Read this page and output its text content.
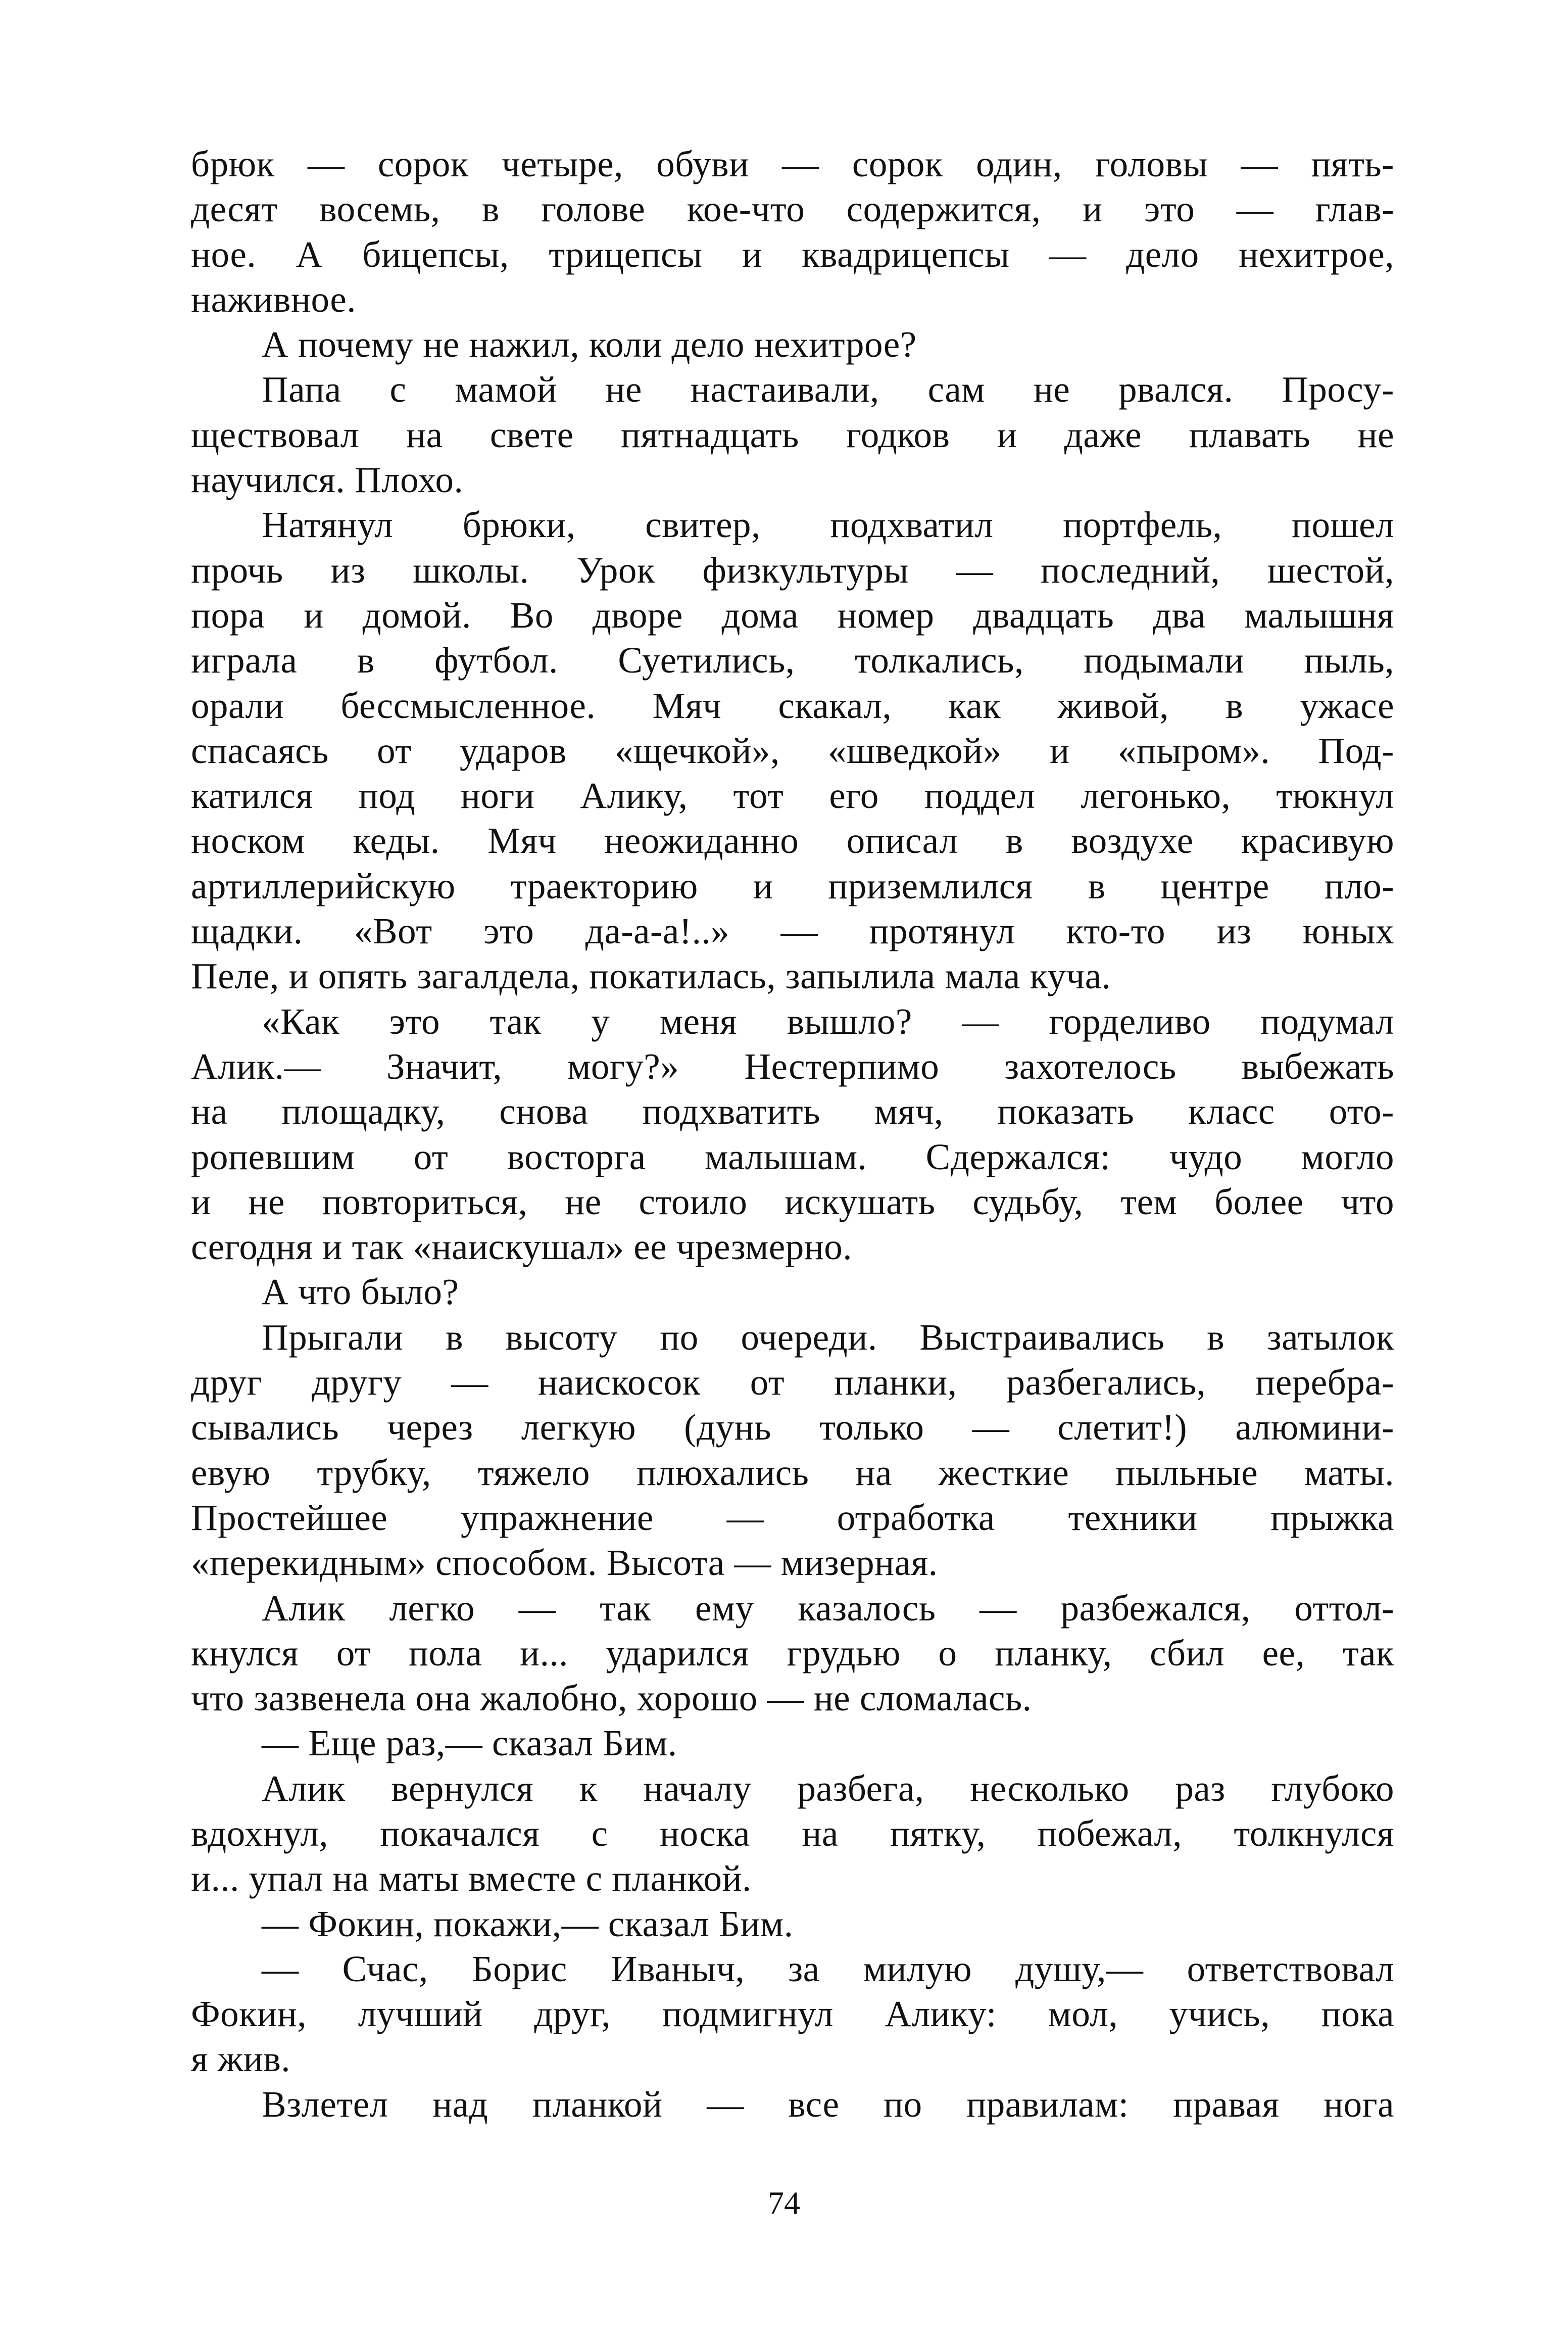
брюк — сорок четыре, обуви — сорок один, головы — пять-
десят восемь, в голове кое-что содержится, и это — глав-
ное. А бицепсы, трицепсы и квадрицепсы — дело нехитрое,
наживное.
А почему не нажил, коли дело нехитрое?
Папа с мамой не настаивали, сам не рвался. Просу-
ществовал на свете пятнадцать годков и даже плавать не
научился. Плохо.
Натянул брюки, свитер, подхватил портфель, пошел
прочь из школы. Урок физкультуры — последний, шестой,
пора и домой. Во дворе дома номер двадцать два малышня
играла в футбол. Суетились, толкались, подымали пыль,
орали бессмысленное. Мяч скакал, как живой, в ужасе
спасаясь от ударов «щечкой», «шведкой» и «пыром». Под-
катился под ноги Алику, тот его поддел легонько, тюкнул
носком кеды. Мяч неожиданно описал в воздухе красивую
артиллерийскую траекторию и приземлился в центре пло-
щадки. «Вот это да-а-а!..» — протянул кто-то из юных
Пеле, и опять загалдела, покатилась, запылила мала куча.
«Как это так у меня вышло? — горделиво подумал
Алик.— Значит, могу?» Нестерпимо захотелось выбежать
на площадку, снова подхватить мяч, показать класс ото-
ропевшим от восторга малышам. Сдержался: чудо могло
и не повториться, не стоило искушать судьбу, тем более что
сегодня и так «наискушал» ее чрезмерно.
А что было?
Прыгали в высоту по очереди. Выстраивались в затылок
друг другу — наискосок от планки, разбегались, перебра-
сывались через легкую (дунь только — слетит!) алюмини-
евую трубку, тяжело плюхались на жесткие пыльные маты.
Простейшее упражнение — отработка техники прыжка
«перекидным» способом. Высота — мизерная.
Алик легко — так ему казалось — разбежался, оттол-
кнулся от пола и... ударился грудью о планку, сбил ее, так
что зазвенела она жалобно, хорошо — не сломалась.
— Еще раз,— сказал Бим.
Алик вернулся к началу разбега, несколько раз глубоко
вдохнул, покачался с носка на пятку, побежал, толкнулся
и... упал на маты вместе с планкой.
— Фокин, покажи,— сказал Бим.
— Счас, Борис Иваныч, за милую душу,— ответствовал
Фокин, лучший друг, подмигнул Алику: мол, учись, пока
я жив.
Взлетел над планкой — все по правилам: правая нога
74
